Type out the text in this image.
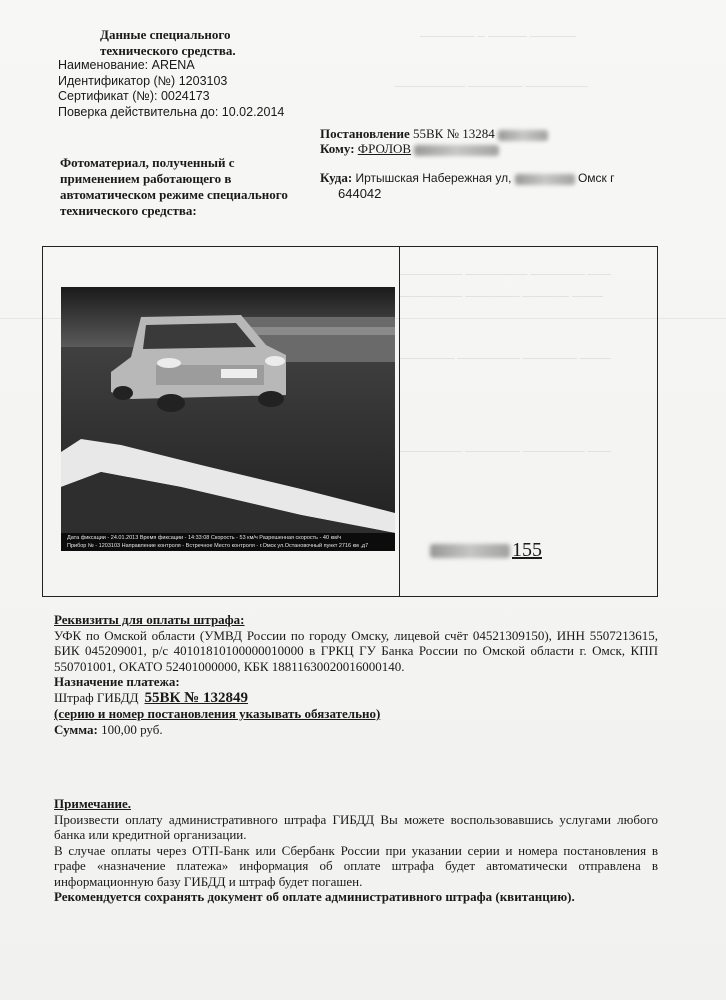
─────── ─ ───── ──────
───────── ─────── ────────
──────── ──────── ─────── ───
──────── ─────── ────── ────
─────── ──────── ─────── ────
──────── ─────── ──────── ───
Данные специального технического средства.
Наименование: ARENA
Идентификатор (№) 1203103
Сертификат (№): 0024173
Поверка действительна до: 10.02.2014
Постановление 55ВК № 13284
Кому: ФРОЛОВ
Куда: Иртышская Набережная ул,	Омск г
644042
Фотоматериал, полученный с применением работающего в автоматическом режиме специального технического средства:
Дата фиксации - 24.01.2013 Время фиксации - 14:33:08 Скорость - 53 км/ч Разрешенная скорость - 40 км/ч
Прибор № - 1203103 Направление контроля - Встречное Место контроля - г.Омск ул.Остановочный пункт 2716 км ,д7	155
Реквизиты для оплаты штрафа:
УФК по Омской области (УМВД России по городу Омску, лицевой счёт 04521309150), ИНН 5507213615, БИК 045209001, р/с 40101810100000010000 в ГРКЦ ГУ Банка России по Омской области г. Омск, КПП 550701001, ОКАТО 52401000000, КБК 18811630020016000140.
Назначение платежа:
Штраф ГИБДД 55ВК № 132849
(серию и номер постановления указывать обязательно)
Сумма: 100,00 руб.
Примечание.

Произвести оплату административного штрафа ГИБДД Вы можете воспользовавшись услугами любого банка или кредитной организации.

В случае оплаты через ОТП-Банк или Сбербанк России при указании серии и номера постановления в графе «назначение платежа» информация об оплате штрафа будет автоматически отправлена в информационную базу ГИБДД и штраф будет погашен.

Рекомендуется сохранять документ об оплате административного штрафа (квитанцию).
